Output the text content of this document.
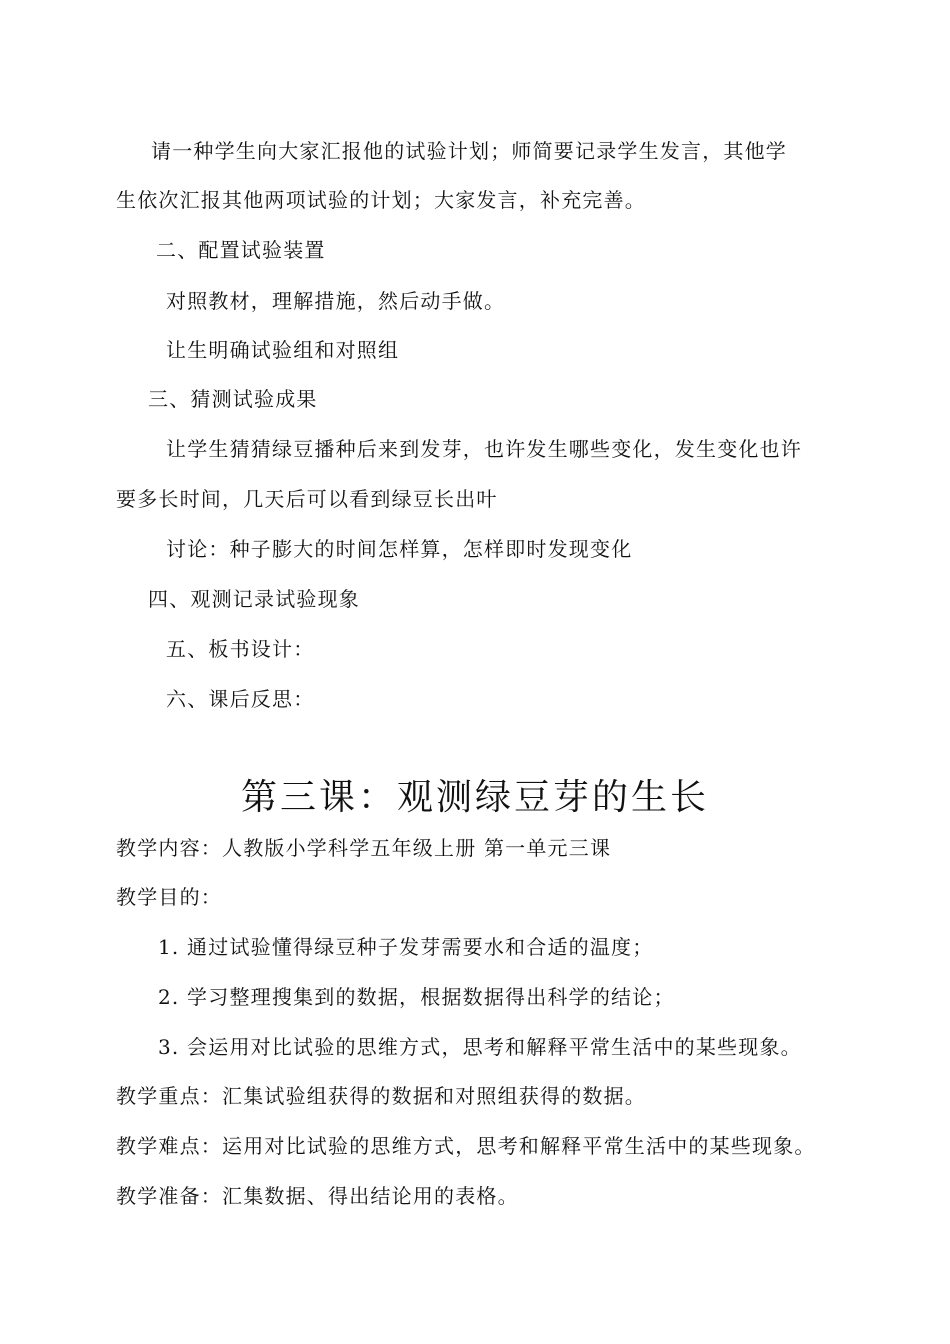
请一种学生向大家汇报他的试验计划；师简要记录学生发言，其他学
生依次汇报其他两项试验的计划；大家发言，补充完善。
二、配置试验装置
对照教材，理解措施，然后动手做。
让生明确试验组和对照组
三、猜测试验成果
让学生猜猜绿豆播种后来到发芽，也许发生哪些变化，发生变化也许
要多长时间，几天后可以看到绿豆长出叶
讨论：种子膨大的时间怎样算，怎样即时发现变化
四、观测记录试验现象
五、板书设计：
六、课后反思：
第三课：观测绿豆芽的生长
教学内容：人教版小学科学五年级上册 第一单元三课
教学目的：
1. 通过试验懂得绿豆种子发芽需要水和合适的温度；
2. 学习整理搜集到的数据，根据数据得出科学的结论；
3. 会运用对比试验的思维方式，思考和解释平常生活中的某些现象。
教学重点：汇集试验组获得的数据和对照组获得的数据。
教学难点：运用对比试验的思维方式，思考和解释平常生活中的某些现象。
教学准备：汇集数据、得出结论用的表格。
